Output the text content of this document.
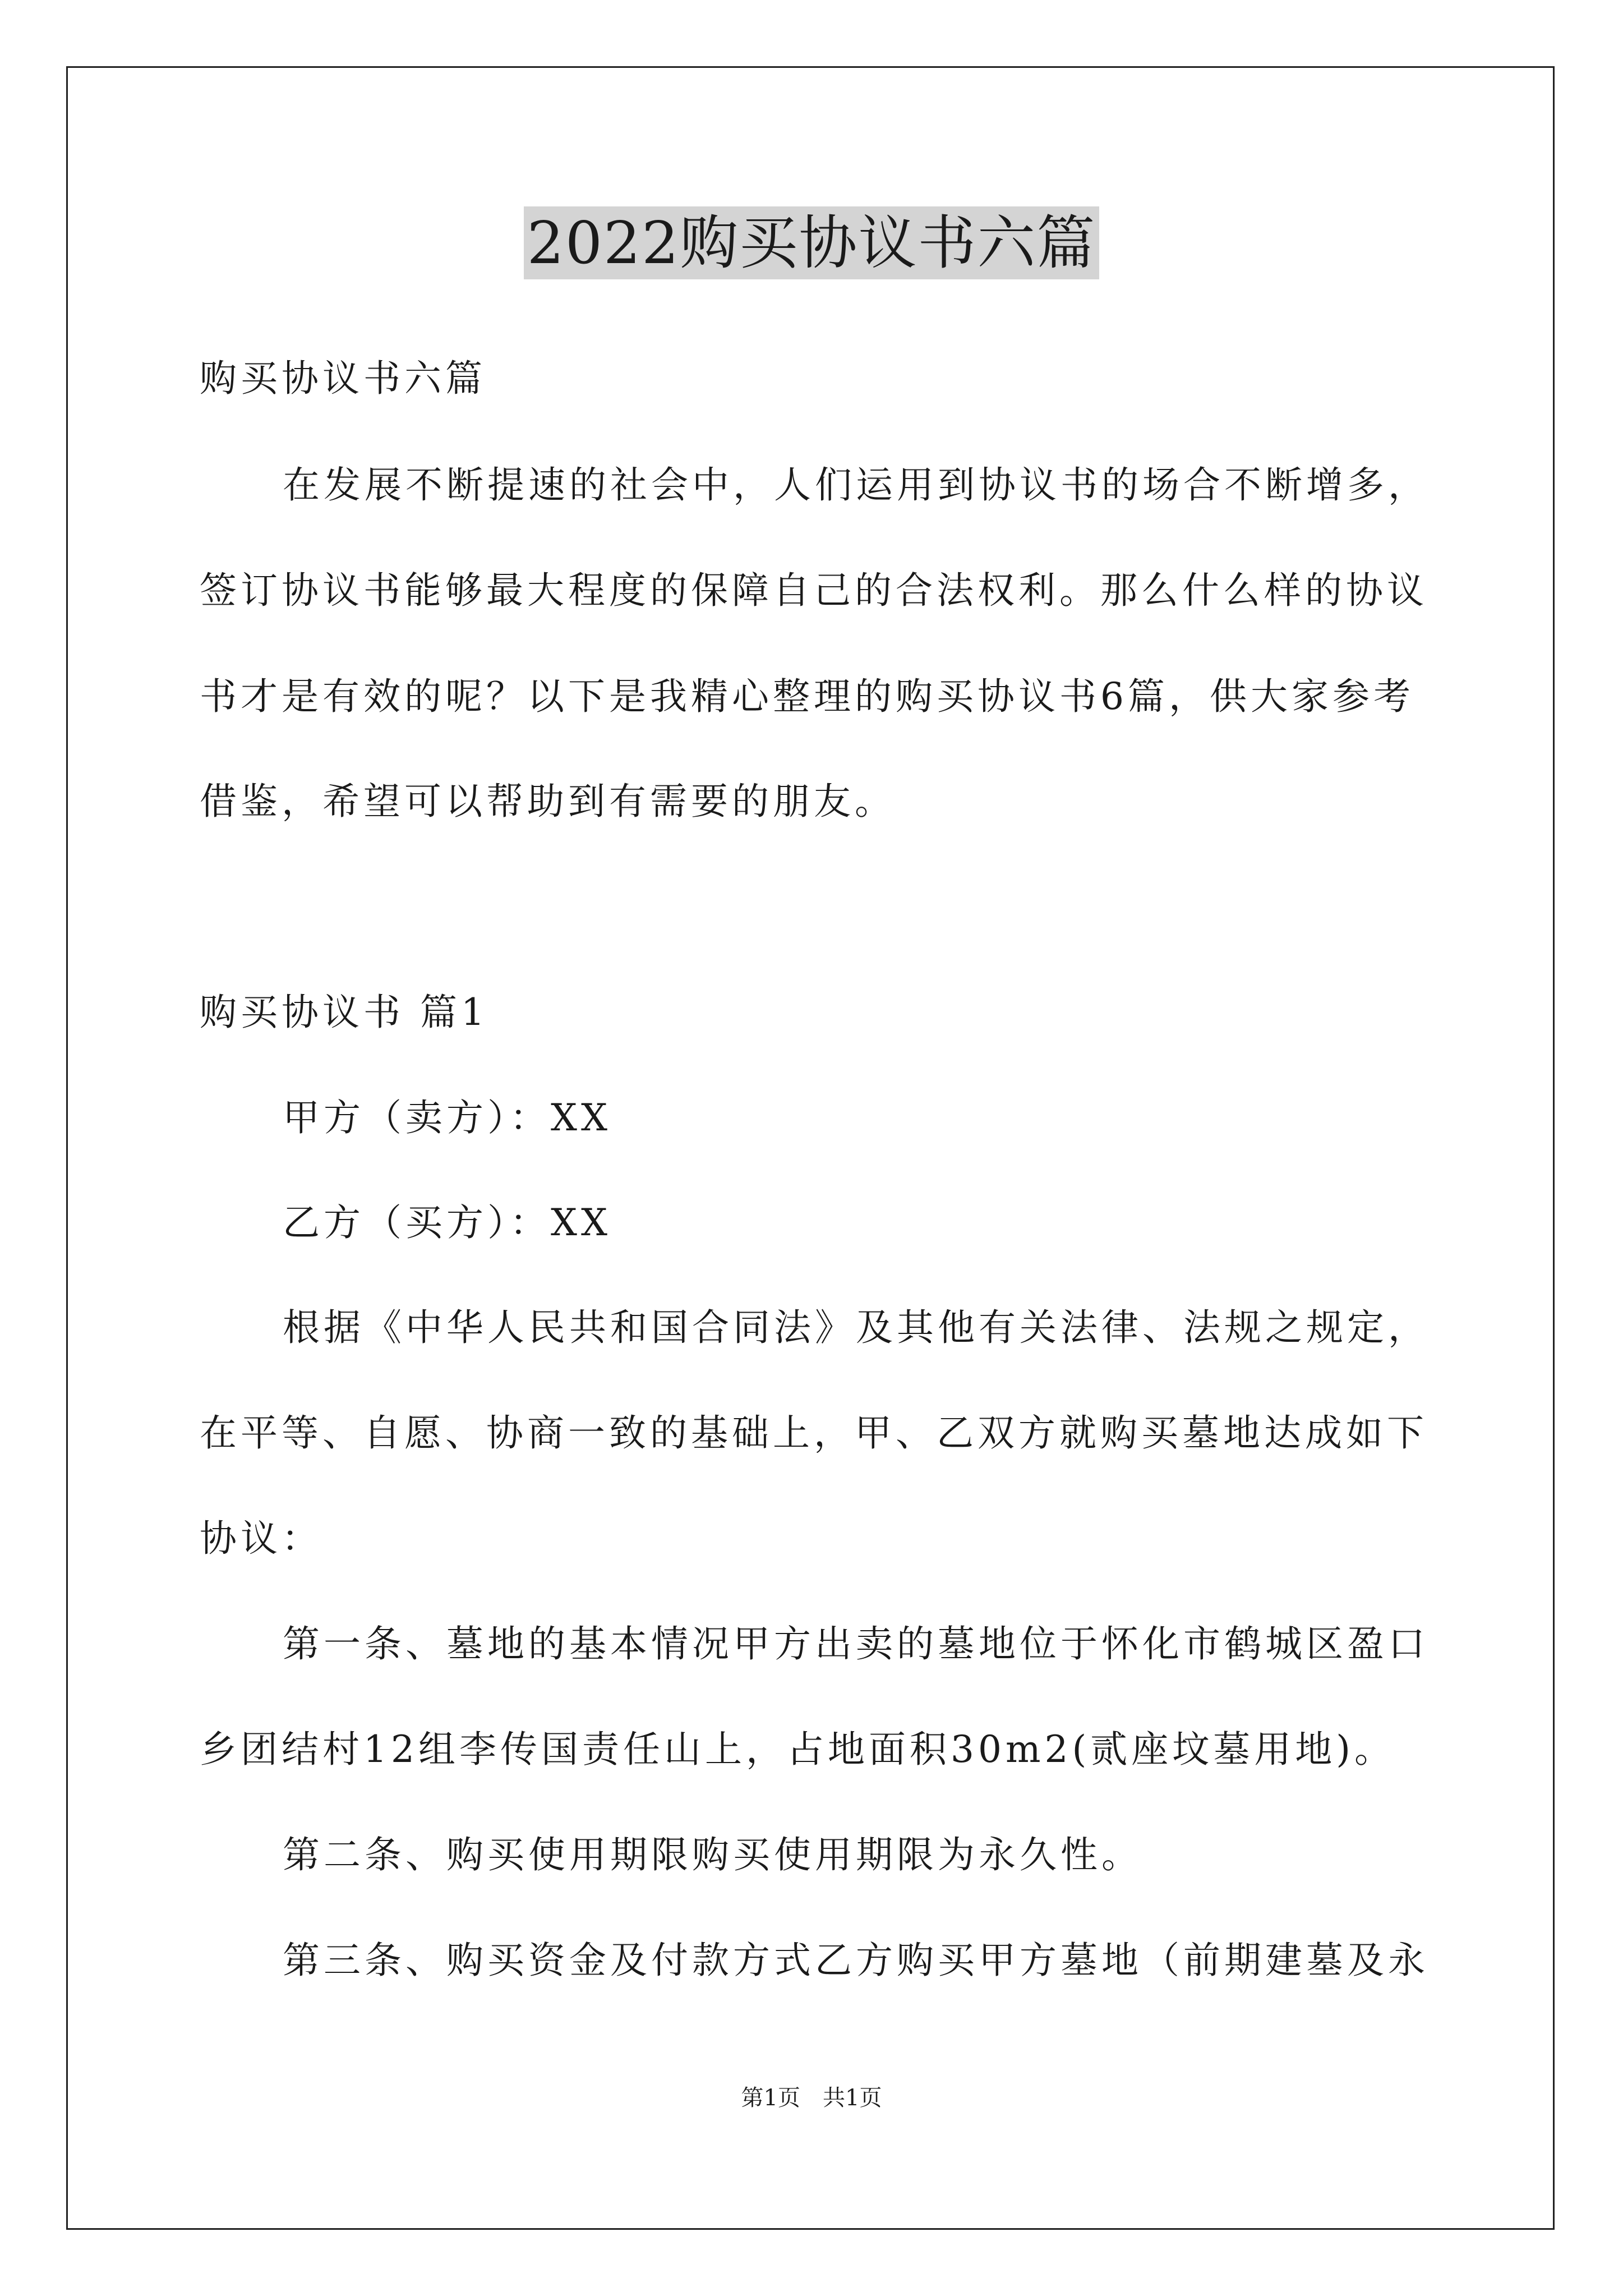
2022购买协议书六篇
购买协议书六篇
在发展不断提速的社会中，人们运用到协议书的场合不断增多，
签订协议书能够最大程度的保障自己的合法权利。那么什么样的协议
书才是有效的呢？以下是我精心整理的购买协议书6篇，供大家参考
借鉴，希望可以帮助到有需要的朋友。
购买协议书 篇1
甲方（卖方）：XX
乙方（买方）：XX
根据《中华人民共和国合同法》及其他有关法律、法规之规定，
在平等、自愿、协商一致的基础上，甲、乙双方就购买墓地达成如下
协议：
第一条、墓地的基本情况甲方出卖的墓地位于怀化市鹤城区盈口
乡团结村12组李传国责任山上，占地面积30m2(贰座坟墓用地)。
第二条、购买使用期限购买使用期限为永久性。
第三条、购买资金及付款方式乙方购买甲方墓地（前期建墓及永
第1页　共1页
